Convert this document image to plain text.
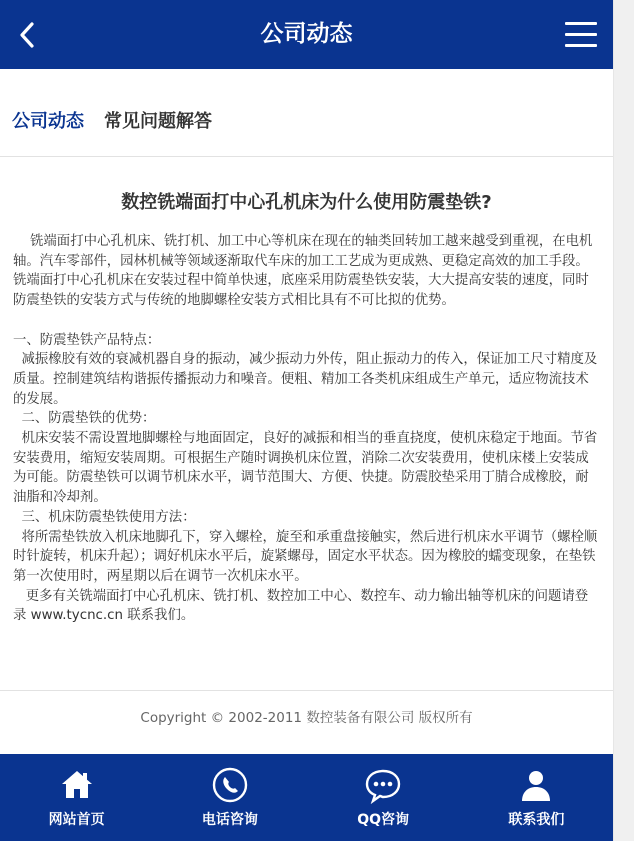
公司动态
公司动态 常见问题解答
数控铣端面打中心孔机床为什么使用防震垫铁?

铣端面打中心孔机床、铣打机、加工中心等机床在现在的轴类回转加工越来越受到重视，在电机轴。汽车零部件，园林机械等领域逐渐取代车床的加工工艺成为更成熟、更稳定高效的加工手段。铣端面打中心孔机床在安装过程中简单快速，底座采用防震垫铁安装，大大提高安装的速度，同时防震垫铁的安装方式与传统的地脚螺栓安装方式相比具有不可比拟的优势。

一、防震垫铁产品特点：

减振橡胶有效的衰减机器自身的振动，减少振动力外传，阻止振动力的传入，保证加工尺寸精度及质量。控制建筑结构谐振传播振动力和噪音。便粗、精加工各类机床组成生产单元，适应物流技术的发展。

二、防震垫铁的优势：

机床安装不需设置地脚螺栓与地面固定，良好的减振和相当的垂直挠度，使机床稳定于地面。节省安装费用，缩短安装周期。可根据生产随时调换机床位置，消除二次安装费用，使机床楼上安装成为可能。防震垫铁可以调节机床水平，调节范围大、方便、快捷。防震胶垫采用丁腈合成橡胶，耐油脂和冷却剂。

三、机床防震垫铁使用方法：

将所需垫铁放入机床地脚孔下，穿入螺栓，旋至和承重盘接触实，然后进行机床水平调节（螺栓顺时针旋转，机床升起）；调好机床水平后，旋紧螺母，固定水平状态。因为橡胶的蠕变现象，在垫铁第一次使用时，两星期以后在调节一次机床水平。

更多有关铣端面打中心孔机床、铣打机、数控加工中心、数控车、动力输出轴等机床的问题请登录 www.tycnc.cn 联系我们。

Copyright © 2002-2011 数控装备有限公司 版权所有
网站首页	电话咨询	QQ咨询	联系我们
